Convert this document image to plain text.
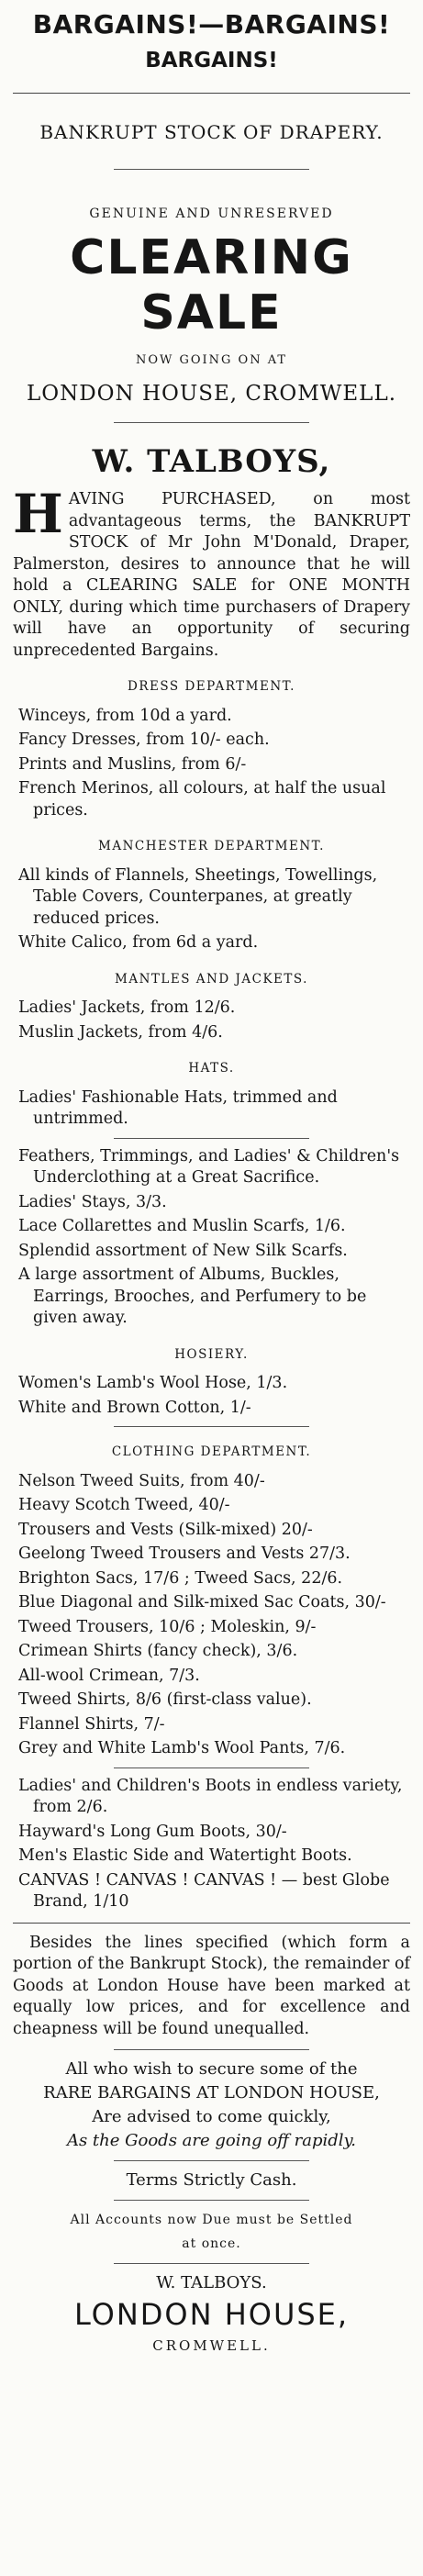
BARGAINS!—BARGAINS!
BARGAINS!
BANKRUPT STOCK OF DRAPERY.
GENUINE AND UNRESERVED
CLEARING SALE
NOW GOING ON AT
LONDON HOUSE, CROMWELL.
W. TALBOYS,

HAVING PURCHASED, on most advantageous terms, the BANKRUPT STOCK of Mr John M'Donald, Draper, Palmerston, desires to announce that he will hold a CLEARING SALE for ONE MONTH ONLY, during which time purchasers of Drapery will have an opportunity of securing unprecedented Bargains.

DRESS DEPARTMENT.

Winceys, from 10d a yard.

Fancy Dresses, from 10/- each.

Prints and Muslins, from 6/-

French Merinos, all colours, at half the usual prices.

MANCHESTER DEPARTMENT.

All kinds of Flannels, Sheetings, Towellings, Table Covers, Counterpanes, at greatly reduced prices.

White Calico, from 6d a yard.

MANTLES AND JACKETS.

Ladies' Jackets, from 12/6.

Muslin Jackets, from 4/6.

HATS.

Ladies' Fashionable Hats, trimmed and untrimmed.

Feathers, Trimmings, and Ladies' & Children's Underclothing at a Great Sacrifice.

Ladies' Stays, 3/3.

Lace Collarettes and Muslin Scarfs, 1/6.

Splendid assortment of New Silk Scarfs.

A large assortment of Albums, Buckles, Earrings, Brooches, and Perfumery to be given away.

HOSIERY.

Women's Lamb's Wool Hose, 1/3.

White and Brown Cotton, 1/-

CLOTHING DEPARTMENT.

Nelson Tweed Suits, from 40/-

Heavy Scotch Tweed, 40/-

Trousers and Vests (Silk-mixed) 20/-

Geelong Tweed Trousers and Vests 27/3.

Brighton Sacs, 17/6 ; Tweed Sacs, 22/6.

Blue Diagonal and Silk-mixed Sac Coats, 30/-

Tweed Trousers, 10/6 ; Moleskin, 9/-

Crimean Shirts (fancy check), 3/6.

All-wool Crimean, 7/3.

Tweed Shirts, 8/6 (first-class value).

Flannel Shirts, 7/-

Grey and White Lamb's Wool Pants, 7/6.

Ladies' and Children's Boots in endless variety, from 2/6.

Hayward's Long Gum Boots, 30/-

Men's Elastic Side and Watertight Boots.

CANVAS ! CANVAS ! CANVAS ! — best Globe Brand, 1/10

Besides the lines specified (which form a portion of the Bankrupt Stock), the remainder of Goods at London House have been marked at equally low prices, and for excellence and cheapness will be found unequalled.

All who wish to secure some of the
RARE BARGAINS AT LONDON HOUSE,
Are advised to come quickly,
As the Goods are going off rapidly.
Terms Strictly Cash.
All Accounts now Due must be Settled
at once.
W. TALBOYS.
LONDON HOUSE,
CROMWELL.
